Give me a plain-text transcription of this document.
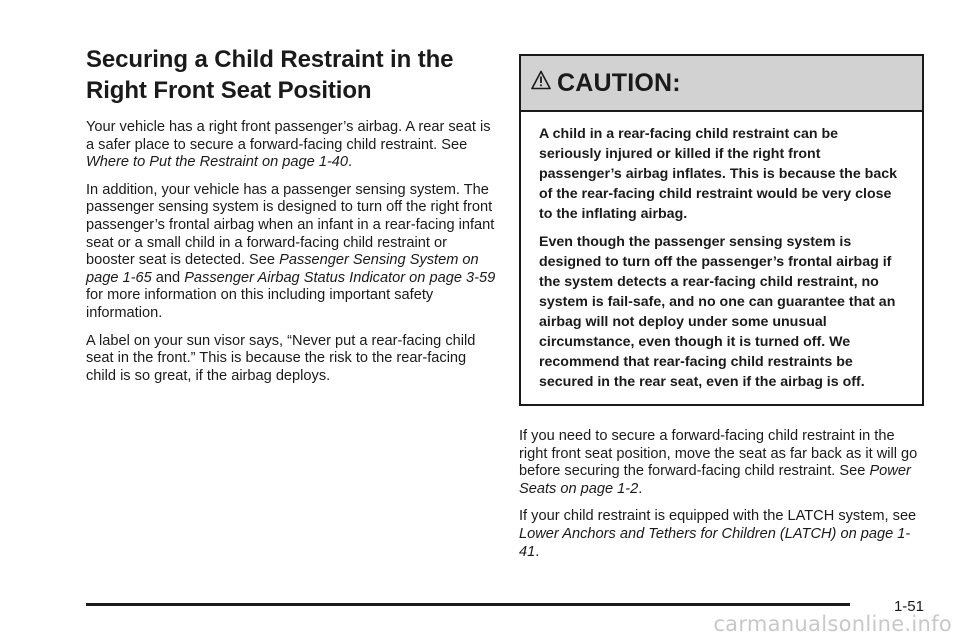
Securing a Child Restraint in the
Right Front Seat Position

Your vehicle has a right front passenger’s airbag. A rear seat is a safer place to secure a forward-facing child restraint. See Where to Put the Restraint on page 1-40.

In addition, your vehicle has a passenger sensing system. The passenger sensing system is designed to turn off the right front passenger’s frontal airbag when an infant in a rear-facing infant seat or a small child in a forward-facing child restraint or booster seat is detected. See Passenger Sensing System on page 1-65 and Passenger Airbag Status Indicator on page 3-59 for more information on this including important safety information.

A label on your sun visor says, “Never put a rear-facing child seat in the front.” This is because the risk to the rear-facing child is so great, if the airbag deploys.

CAUTION:

A child in a rear-facing child restraint can be seriously injured or killed if the right front passenger’s airbag inflates. This is because the back of the rear-facing child restraint would be very close to the inflating airbag.

Even though the passenger sensing system is designed to turn off the passenger’s frontal airbag if the system detects a rear-facing child restraint, no system is fail-safe, and no one can guarantee that an airbag will not deploy under some unusual circumstance, even though it is turned off. We recommend that rear-facing child restraints be secured in the rear seat, even if the airbag is off.

If you need to secure a forward-facing child restraint in the right front seat position, move the seat as far back as it will go before securing the forward-facing child restraint. See Power Seats on page 1-2.

If your child restraint is equipped with the LATCH system, see Lower Anchors and Tethers for Children (LATCH) on page 1-41.

1-51
carmanualsonline.info
